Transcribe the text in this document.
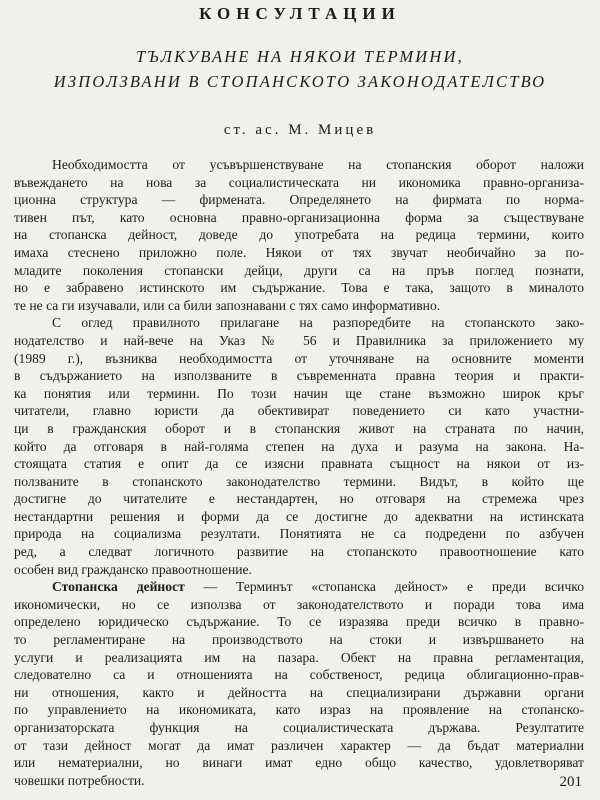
КОНСУЛТАЦИИ
ТЪЛКУВАНЕ НА НЯКОИ ТЕРМИНИ,
ИЗПОЛЗВАНИ В СТОПАНСКОТО ЗАКОНОДАТЕЛСТВО
ст. ас. М. Мицев

Необходимостта от усъвършенствуване на стопанския оборот наложи

въвеждането на нова за социалистическата ни икономика правно-организа-

ционна структура — фирмената. Определянето на фирмата по норма-

тивен път, като основна правно-организационна форма за съществуване

на стопанска дейност, доведе до употребата на редица термини, които

имаха стеснено приложно поле. Някои от тях звучат необичайно за по-

младите поколения стопански дейци, други са на пръв поглед познати,

но е забравено истинското им съдържание. Това е така, защото в миналото

те не са ги изучавали, или са били запознавани с тях само информативно.

С оглед правилното прилагане на разпоредбите на стопанското зако-

нодателство и най-вече на Указ № 56 и Правилника за приложението му

(1989 г.), възниква необходимостта от уточняване на основните моменти

в съдържанието на използваните в съвременната правна теория и практи-

ка понятия или термини. По този начин ще стане възможно широк кръг

читатели, главно юристи да обективират поведението си като участни-

ци в гражданския оборот и в стопанския живот на страната по начин,

който да отговаря в най-голяма степен на духа и разума на закона. На-

стоящата статия е опит да се изясни правната същност на някои от из-

ползваните в стопанското законодателство термини. Видът, в който ще

достигне до читателите е нестандартен, но отговаря на стремежа чрез

нестандартни решения и форми да се достигне до адекватни на истинската

природа на социализма резултати. Понятията не са подредени по азбучен

ред, а следват логичното развитие на стопанското правоотношение като

особен вид гражданско правоотношение.

Стопанска дейност — Терминът «стопанска дейност» е преди всичко

икономически, но се използва от законодателството и поради това има

определено юридическо съдържание. То се изразява преди всичко в правно-

то регламентиране на производството на стоки и извършването на

услуги и реализацията им на пазара. Обект на правна регламентация,

следователно са и отношенията на собственост, редица облигационно-прав-

ни отношения, както и дейността на специализирани държавни органи

по управлението на икономиката, като израз на проявление на стопанско-

организаторската функция на социалистическата държава. Резултатите

от тази дейност могат да имат различен характер — да бъдат материални

или нематериални, но винаги имат едно общо качество, удовлетворяват

човешки потребности.	201
